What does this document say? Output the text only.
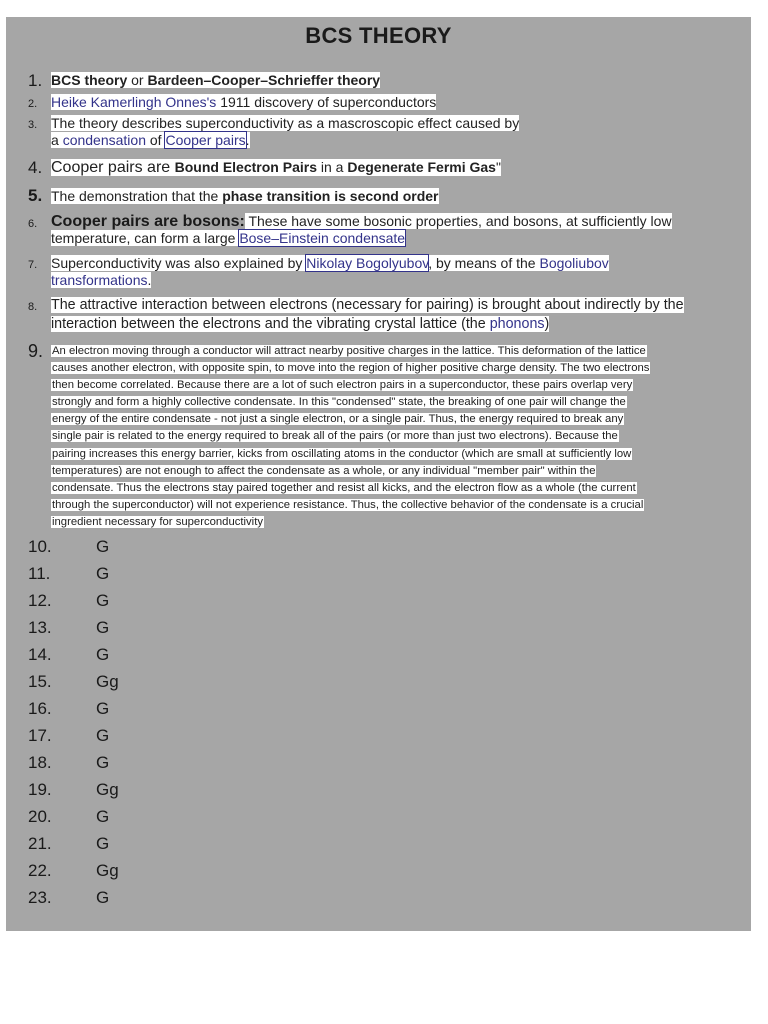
BCS THEORY
1. BCS theory or Bardeen–Cooper–Schrieffer theory
2. Heike Kamerlingh Onnes's 1911 discovery of superconductors
3. The theory describes superconductivity as a mascroscopic effect caused by
a condensation of Cooper pairs.
4. Cooper pairs are Bound Electron Pairs in a Degenerate Fermi Gas"
5. The demonstration that the phase transition is second order
6. Cooper pairs are bosons: These have some bosonic properties, and bosons, at sufficiently low
temperature, can form a large Bose–Einstein condensate
7. Superconductivity was also explained by Nikolay Bogolyubov, by means of the Bogoliubov
transformations.
8. The attractive interaction between electrons (necessary for pairing) is brought about indirectly by the
interaction between the electrons and the vibrating crystal lattice (the phonons)
9. An electron moving through a conductor will attract nearby positive charges in the lattice. This deformation of the lattice
causes another electron, with opposite spin, to move into the region of higher positive charge density. The two electrons
then become correlated. Because there are a lot of such electron pairs in a superconductor, these pairs overlap very
strongly and form a highly collective condensate. In this "condensed" state, the breaking of one pair will change the
energy of the entire condensate - not just a single electron, or a single pair. Thus, the energy required to break any
single pair is related to the energy required to break all of the pairs (or more than just two electrons). Because the
pairing increases this energy barrier, kicks from oscillating atoms in the conductor (which are small at sufficiently low
temperatures) are not enough to affect the condensate as a whole, or any individual "member pair" within the
condensate. Thus the electrons stay paired together and resist all kicks, and the electron flow as a whole (the current
through the superconductor) will not experience resistance. Thus, the collective behavior of the condensate is a crucial
ingredient necessary for superconductivity

10.	G
11.	G
12.	G
13.	G
14.	G
15.	Gg
16.	G
17.	G
18.	G
19.	Gg
20.	G
21.	G
22.	Gg
23.	G
